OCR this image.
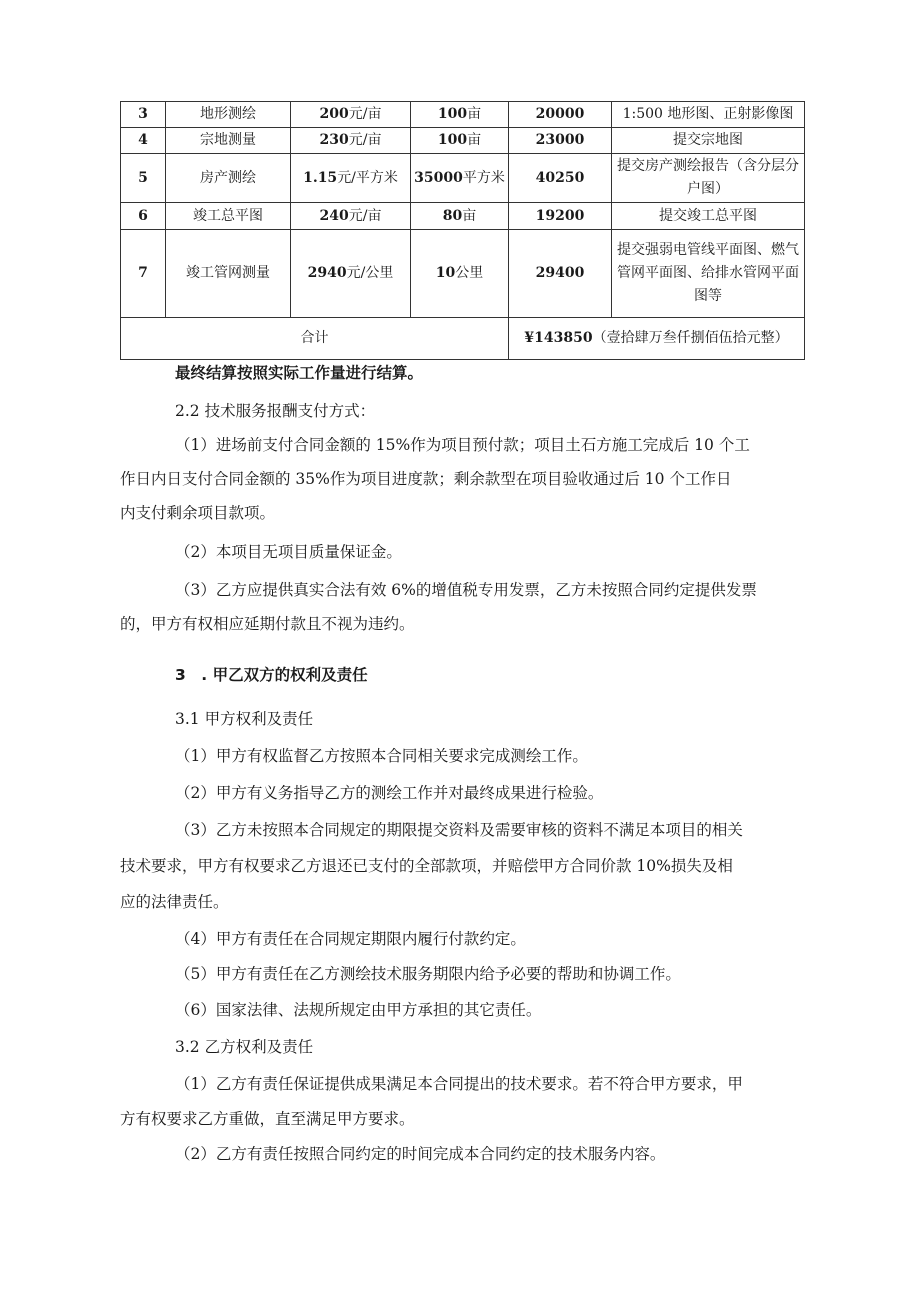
3	地形测绘	200元/亩	100亩	20000	1:500 地形图、正射影像图
4	宗地测量	230元/亩	100亩	23000	提交宗地图
5	房产测绘	1.15元/平方米	35000平方米	40250	提交房产测绘报告（含分层分户图）
6	竣工总平图	240元/亩	80亩	19200	提交竣工总平图
7	竣工管网测量	2940元/公里	10公里	29400	提交强弱电管线平面图、燃气管网平面图、给排水管网平面图等
合计				¥143850（壹拾肆万叁仟捌佰伍拾元整）	
最终结算按照实际工作量进行结算。
2.2 技术服务报酬支付方式：
（1）进场前支付合同金额的 15%作为项目预付款；项目土石方施工完成后 10 个工
作日内日支付合同金额的 35%作为项目进度款；剩余款型在项目验收通过后 10 个工作日
内支付剩余项目款项。
（2）本项目无项目质量保证金。
（3）乙方应提供真实合法有效 6%的增值税专用发票，乙方未按照合同约定提供发票
的，甲方有权相应延期付款且不视为违约。
3　. 甲乙双方的权利及责任
3.1 甲方权利及责任
（1）甲方有权监督乙方按照本合同相关要求完成测绘工作。
（2）甲方有义务指导乙方的测绘工作并对最终成果进行检验。
（3）乙方未按照本合同规定的期限提交资料及需要审核的资料不满足本项目的相关
技术要求，甲方有权要求乙方退还已支付的全部款项，并赔偿甲方合同价款 10%损失及相
应的法律责任。
（4）甲方有责任在合同规定期限内履行付款约定。
（5）甲方有责任在乙方测绘技术服务期限内给予必要的帮助和协调工作。
（6）国家法律、法规所规定由甲方承担的其它责任。
3.2 乙方权利及责任
（1）乙方有责任保证提供成果满足本合同提出的技术要求。若不符合甲方要求，甲
方有权要求乙方重做，直至满足甲方要求。
（2）乙方有责任按照合同约定的时间完成本合同约定的技术服务内容。
